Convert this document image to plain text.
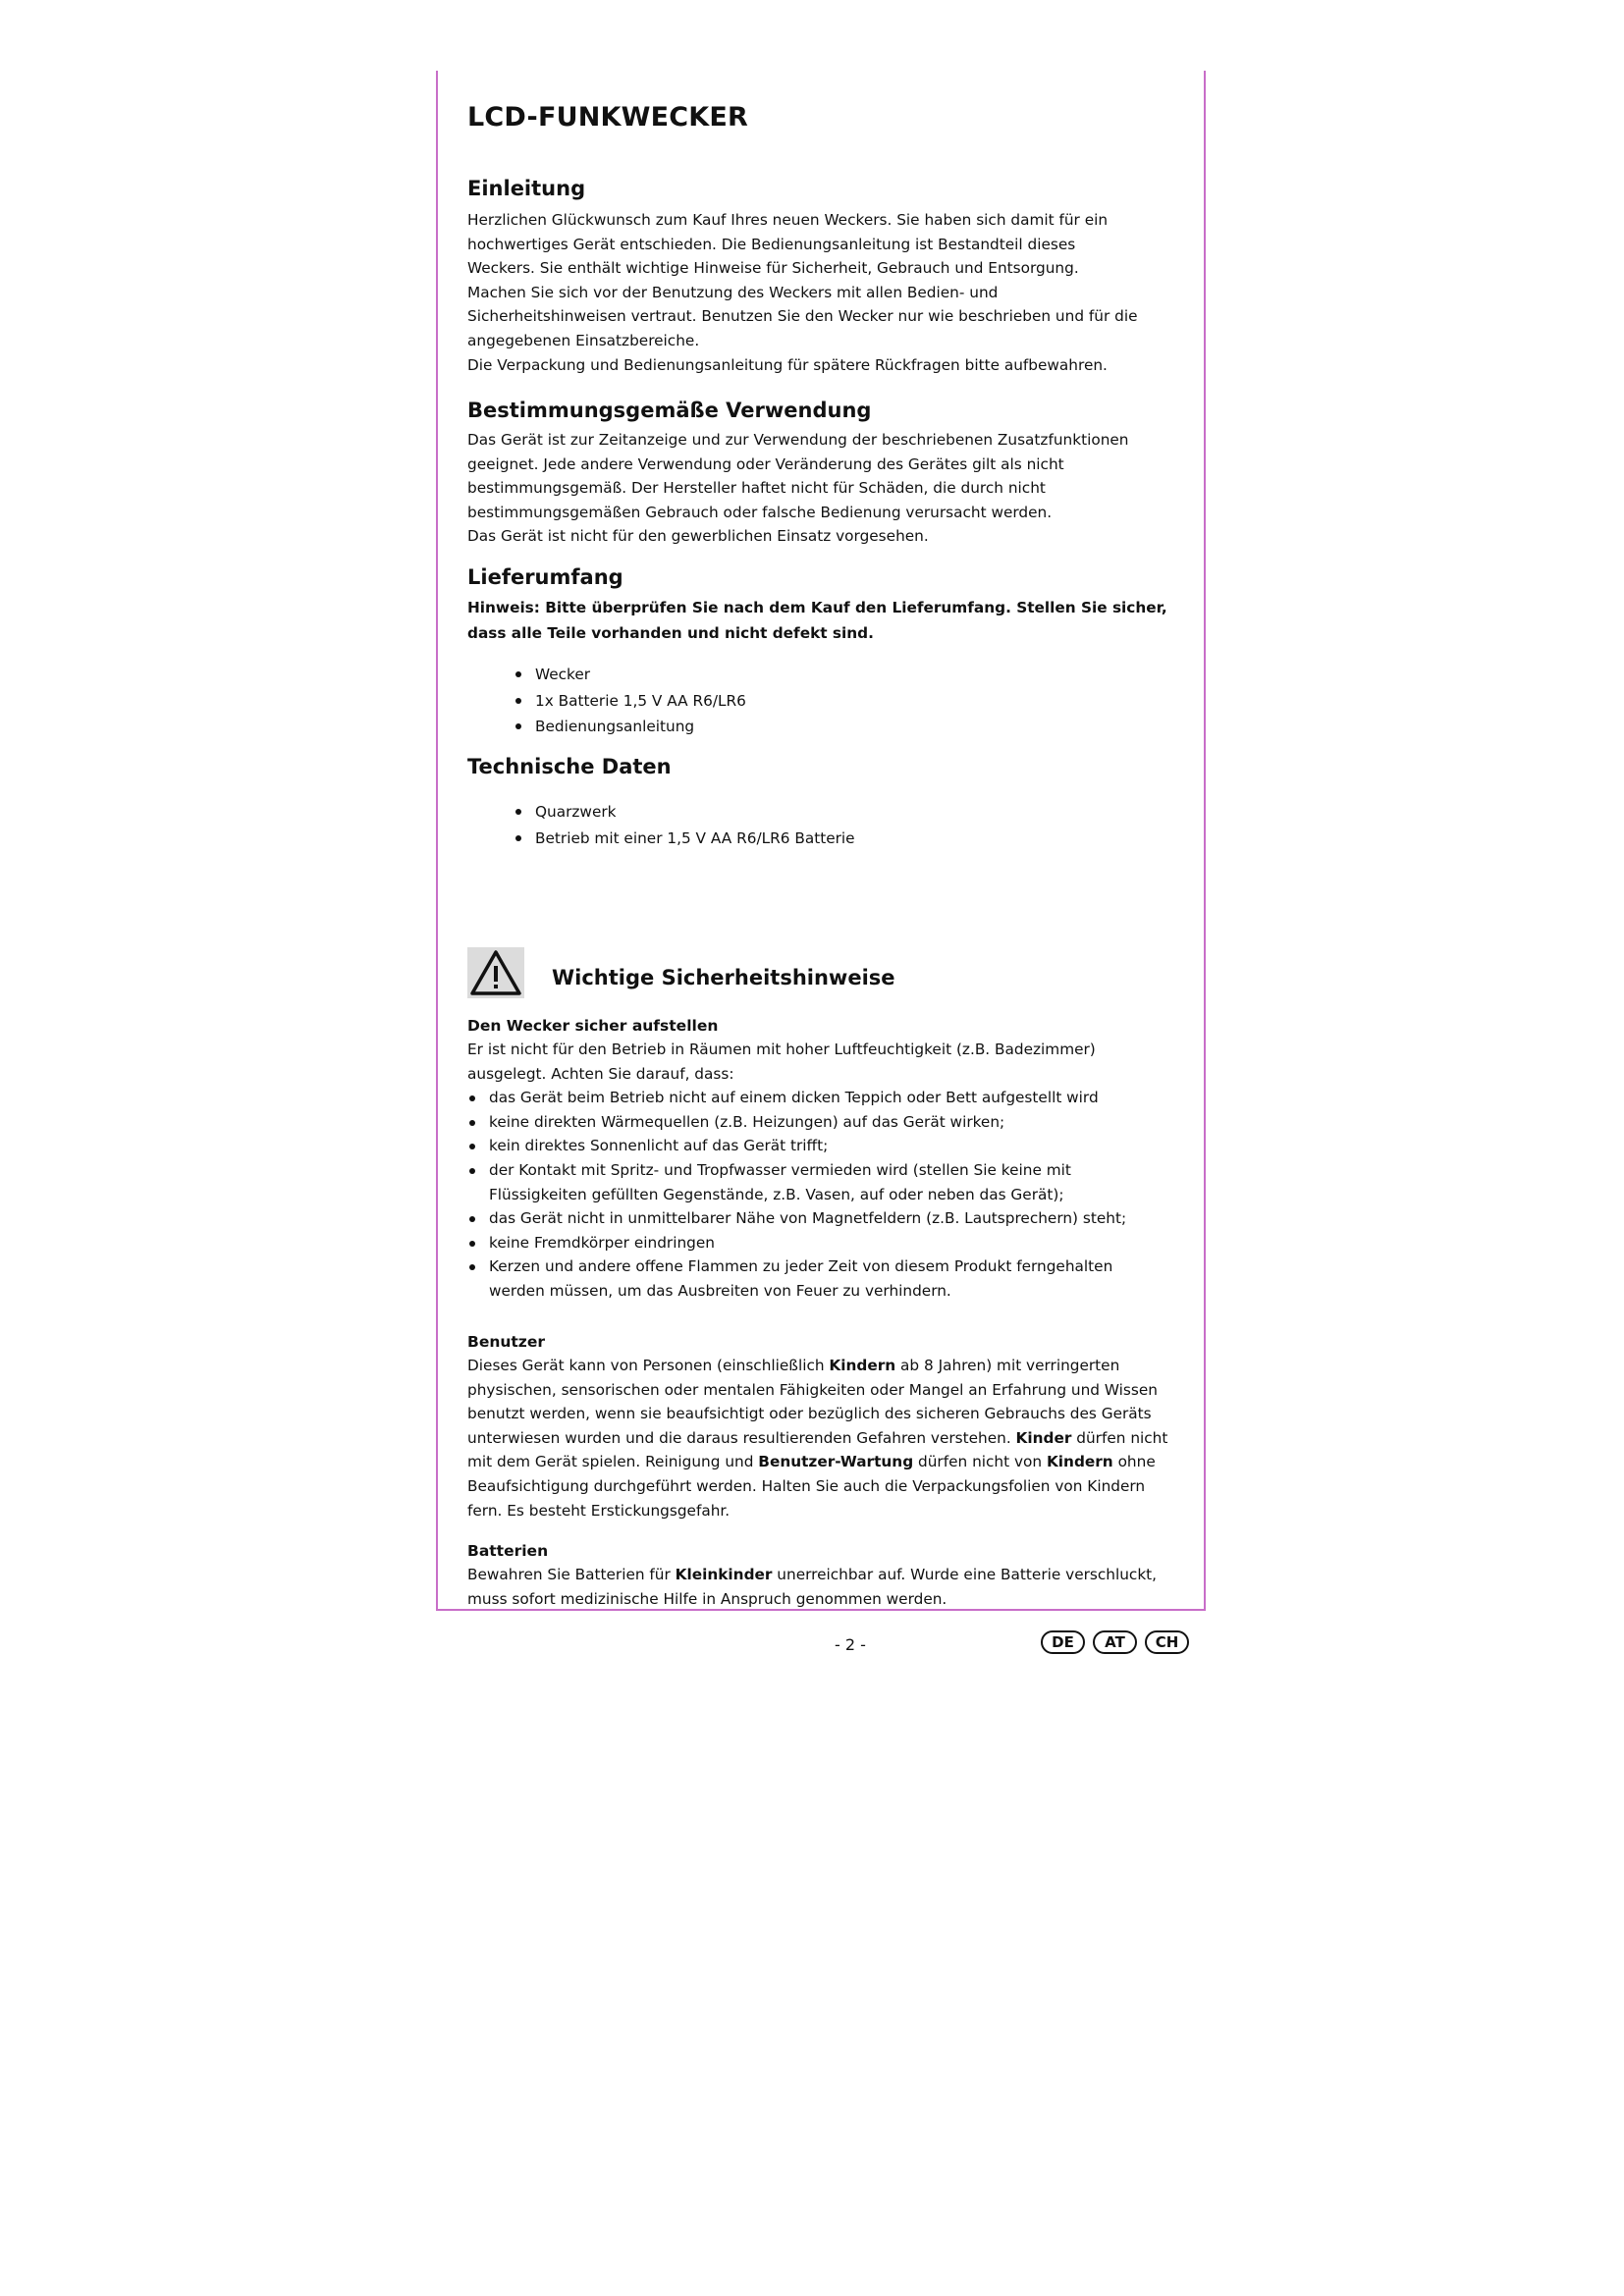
LCD-FUNKWECKER
Einleitung

Herzlichen Glückwunsch zum Kauf Ihres neuen Weckers. Sie haben sich damit für ein

hochwertiges Gerät entschieden. Die Bedienungsanleitung ist Bestandteil dieses

Weckers. Sie enthält wichtige Hinweise für Sicherheit, Gebrauch und Entsorgung.

Machen Sie sich vor der Benutzung des Weckers mit allen Bedien- und

Sicherheitshinweisen vertraut. Benutzen Sie den Wecker nur wie beschrieben und für die

angegebenen Einsatzbereiche.

Die Verpackung und Bedienungsanleitung für spätere Rückfragen bitte aufbewahren.

Bestimmungsgemäße Verwendung

Das Gerät ist zur Zeitanzeige und zur Verwendung der beschriebenen Zusatzfunktionen

geeignet. Jede andere Verwendung oder Veränderung des Gerätes gilt als nicht

bestimmungsgemäß. Der Hersteller haftet nicht für Schäden, die durch nicht

bestimmungsgemäßen Gebrauch oder falsche Bedienung verursacht werden.

Das Gerät ist nicht für den gewerblichen Einsatz vorgesehen.

Lieferumfang

Hinweis: Bitte überprüfen Sie nach dem Kauf den Lieferumfang. Stellen Sie sicher,

dass alle Teile vorhanden und nicht defekt sind.

Wecker
1x Batterie 1,5 V AA R6/LR6
Bedienungsanleitung
Technische Daten
Quarzwerk
Betrieb mit einer 1,5 V AA R6/LR6 Batterie
Wichtige Sicherheitshinweise

Den Wecker sicher aufstellen

Er ist nicht für den Betrieb in Räumen mit hoher Luftfeuchtigkeit (z.B. Badezimmer)

ausgelegt. Achten Sie darauf, dass:

das Gerät beim Betrieb nicht auf einem dicken Teppich oder Bett aufgestellt wird
keine direkten Wärmequellen (z.B. Heizungen) auf das Gerät wirken;
kein direktes Sonnenlicht auf das Gerät trifft;
der Kontakt mit Spritz- und Tropfwasser vermieden wird (stellen Sie keine mit Flüssigkeiten gefüllten Gegenstände, z.B. Vasen, auf oder neben das Gerät);
das Gerät nicht in unmittelbarer Nähe von Magnetfeldern (z.B. Lautsprechern) steht;
keine Fremdkörper eindringen
Kerzen und andere offene Flammen zu jeder Zeit von diesem Produkt ferngehalten werden müssen, um das Ausbreiten von Feuer zu verhindern.

Benutzer

Dieses Gerät kann von Personen (einschließlich Kindern ab 8 Jahren) mit verringerten physischen, sensorischen oder mentalen Fähigkeiten oder Mangel an Erfahrung und Wissen benutzt werden, wenn sie beaufsichtigt oder bezüglich des sicheren Gebrauchs des Geräts unterwiesen wurden und die daraus resultierenden Gefahren verstehen. Kinder dürfen nicht mit dem Gerät spielen. Reinigung und Benutzer-Wartung dürfen nicht von Kindern ohne Beaufsichtigung durchgeführt werden. Halten Sie auch die Verpackungsfolien von Kindern fern. Es besteht Erstickungsgefahr.

Batterien

Bewahren Sie Batterien für Kleinkinder unerreichbar auf. Wurde eine Batterie verschluckt, muss sofort medizinische Hilfe in Anspruch genommen werden.

- 2 -	DE	AT	CH
